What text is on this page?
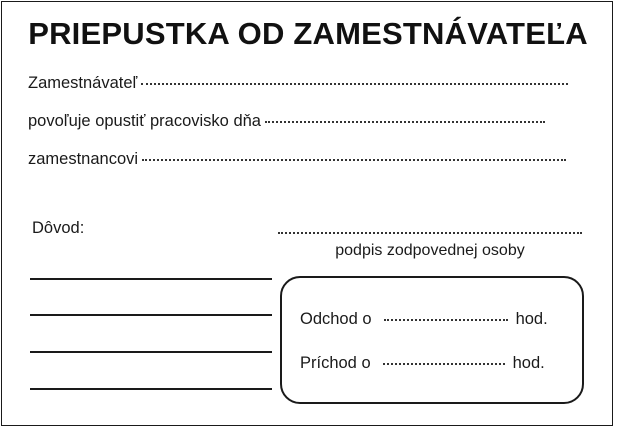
PRIEPUSTKA OD ZAMESTNÁVATEĽA
Zamestnávateľ
povoľuje opustiť pracovisko dňa
zamestnancovi
Dôvod:
podpis zodpovednej osoby
Odchod o	hod.
Príchod o	hod.
